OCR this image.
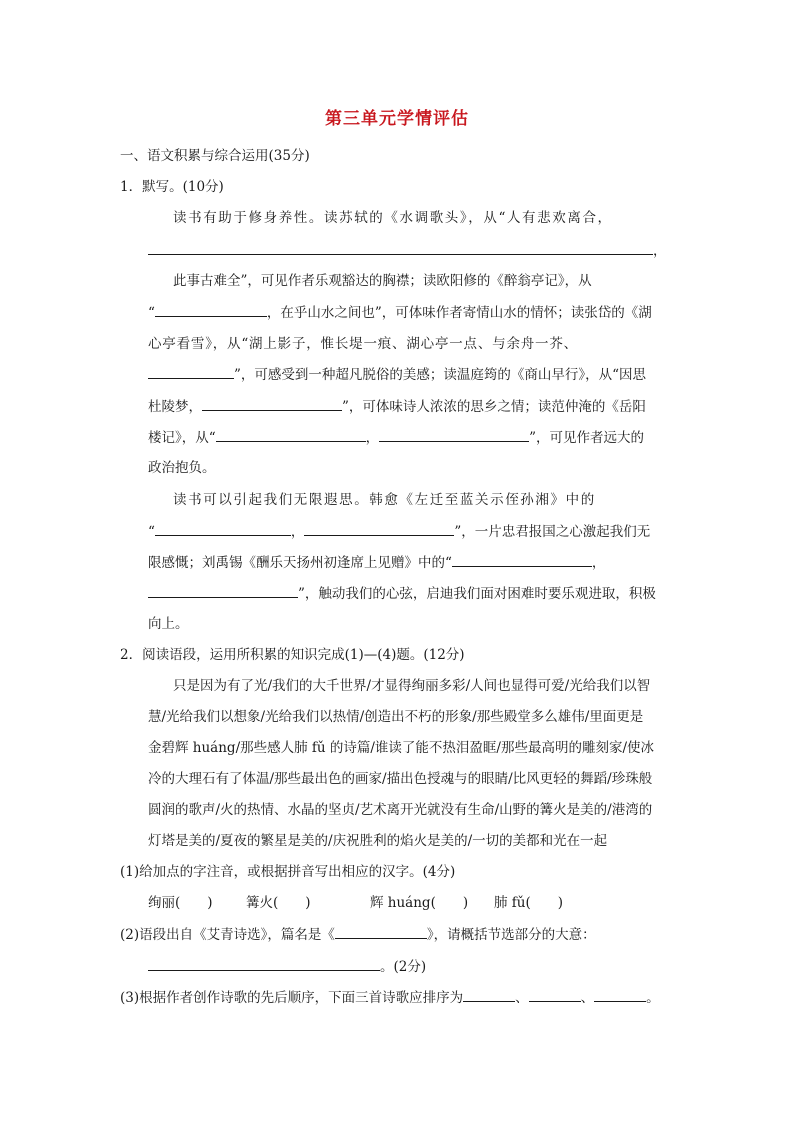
第三单元学情评估
一、语文积累与综合运用(35分)
1．默写。(10分)
读书有助于修身养性。读苏轼的《水调歌头》，从“人有悲欢离合，
，
此事古难全”，可见作者乐观豁达的胸襟；读欧阳修的《醉翁亭记》，从
“	，在乎山水之间也”，可体味作者寄情山水的情怀；读张岱的《湖
心亭看雪》，从“湖上影子，惟长堤一痕、湖心亭一点、与余舟一芥、
”，可感受到一种超凡脱俗的美感；读温庭筠的《商山早行》，从“因思
杜陵梦，	”，可体味诗人浓浓的思乡之情；读范仲淹的《岳阳
楼记》，从“	，	”，可见作者远大的
政治抱负。
读书可以引起我们无限遐思。韩愈《左迁至蓝关示侄孙湘》中的
“	，	”，一片忠君报国之心激起我们无
限感慨；刘禹锡《酬乐天扬州初逢席上见赠》中的“	，
”，触动我们的心弦，启迪我们面对困难时要乐观进取，积极
向上。
2．阅读语段，运用所积累的知识完成(1)—(4)题。(12分)
只是因为有了光/我们的大千世界/才显得绚丽多彩/人间也显得可爱/光给我们以智
慧/光给我们以想象/光给我们以热情/创造出不朽的形象/那些殿堂多么雄伟/里面更是
金碧辉 huáng/那些感人肺 fǔ 的诗篇/谁读了能不热泪盈眶/那些最高明的雕刻家/使冰
冷的大理石有了体温/那些最出色的画家/描出色授魂与的眼睛/比风更轻的舞蹈/珍珠般
圆润的歌声/火的热情、水晶的坚贞/艺术离开光就没有生命/山野的篝火是美的/港湾的
灯塔是美的/夏夜的繁星是美的/庆祝胜利的焰火是美的/一切的美都和光在一起
(1)给加点的字注音，或根据拼音写出相应的汉字。(4分)
绚丽(　　) 篝火(　　)	辉 huáng(　　) 肺 fǔ(　　)
(2)语段出自《艾青诗选》，篇名是《	》，请概括节选部分的大意：
。(2分)
(3)根据作者创作诗歌的先后顺序，下面三首诗歌应排序为	、	、	。
